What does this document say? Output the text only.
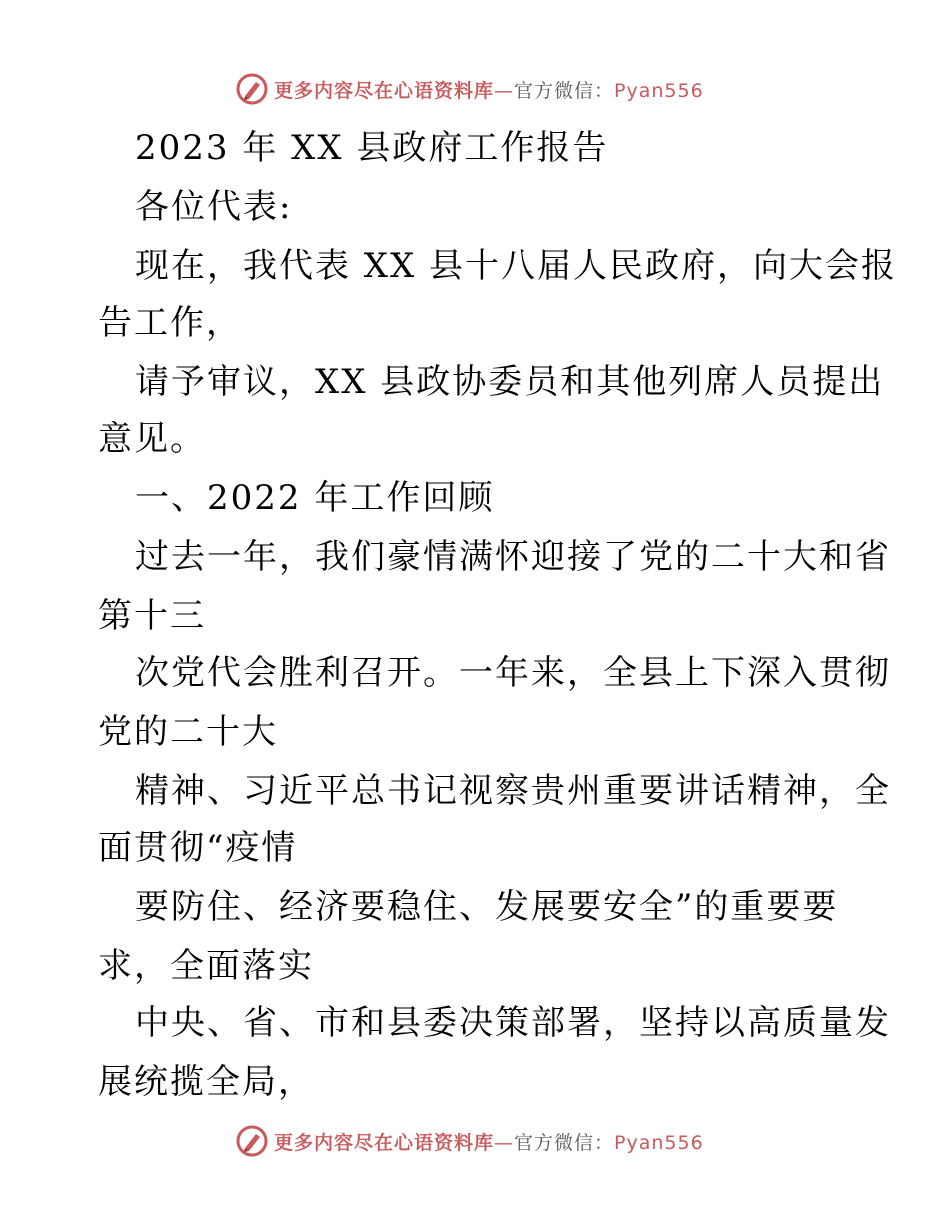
更多内容尽在心语资料库—官方微信：Pyan556
2023 年 XX 县政府工作报告
各位代表:
现在，我代表 XX 县十八届人民政府，向大会报
告工作，
请予审议，XX 县政协委员和其他列席人员提出
意见。
一、2022 年工作回顾
过去一年，我们豪情满怀迎接了党的二十大和省
第十三
次党代会胜利召开。一年来，全县上下深入贯彻
党的二十大
精神、习近平总书记视察贵州重要讲话精神，全
面贯彻“疫情
要防住、经济要稳住、发展要安全”的重要要
求，全面落实
中央、省、市和县委决策部署，坚持以高质量发
展统揽全局，
更多内容尽在心语资料库—官方微信：Pyan556
